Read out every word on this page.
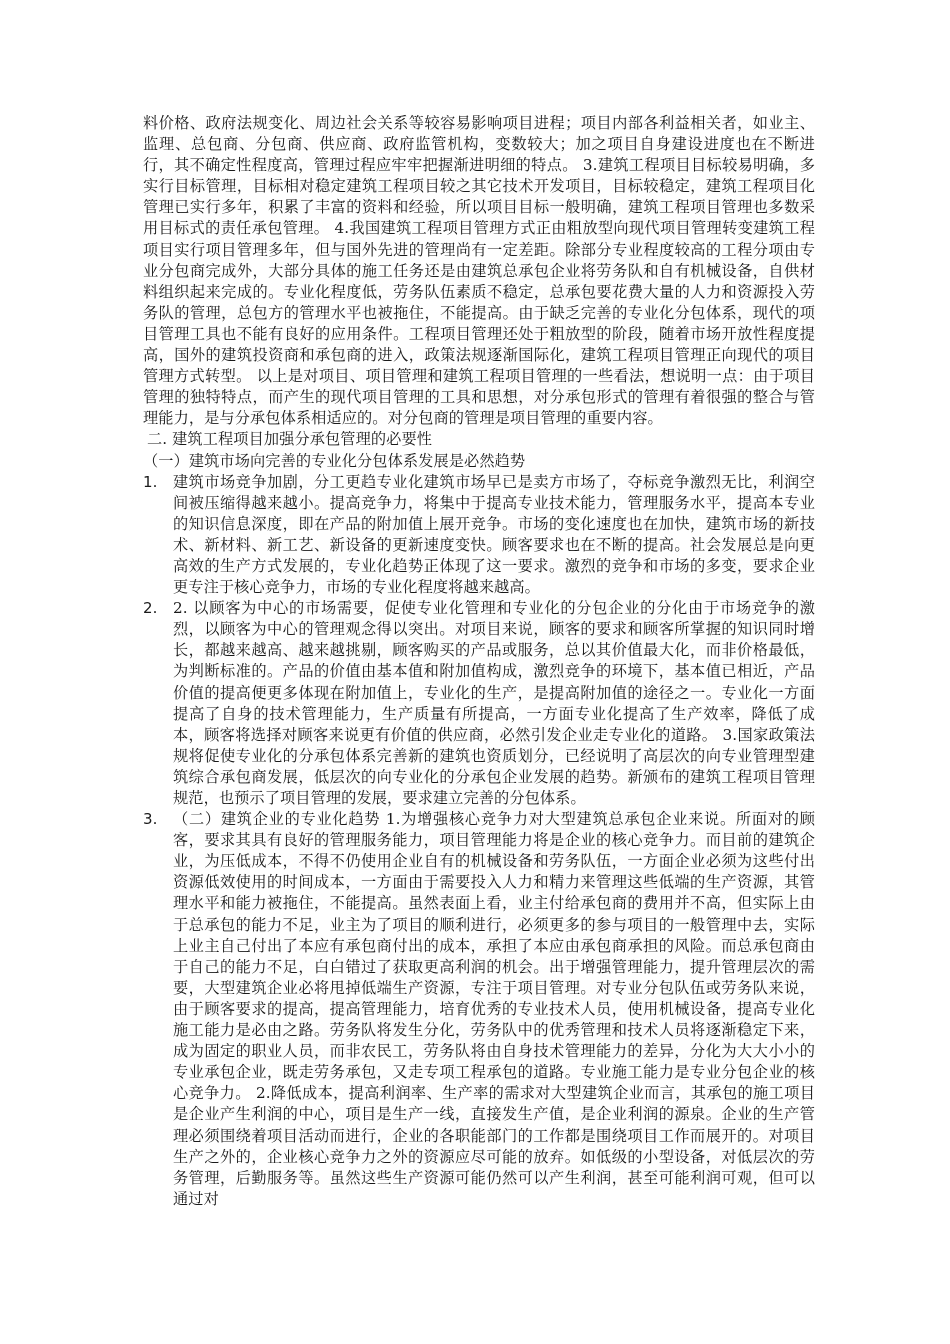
料价格、政府法规变化、周边社会关系等较容易影响项目进程；项目内部各利益相关者，如业主、监理、总包商、分包商、供应商、政府监管机构，变数较大；加之项目自身建设进度也在不断进行，其不确定性程度高，管理过程应牢牢把握渐进明细的特点。 3.建筑工程项目目标较易明确，多实行目标管理，目标相对稳定建筑工程项目较之其它技术开发项目，目标较稳定，建筑工程项目化管理已实行多年，积累了丰富的资料和经验，所以项目目标一般明确，建筑工程项目管理也多数采用目标式的责任承包管理。 4.我国建筑工程项目管理方式正由粗放型向现代项目管理转变建筑工程项目实行项目管理多年，但与国外先进的管理尚有一定差距。除部分专业程度较高的工程分项由专业分包商完成外，大部分具体的施工任务还是由建筑总承包企业将劳务队和自有机械设备，自供材料组织起来完成的。专业化程度低，劳务队伍素质不稳定，总承包要花费大量的人力和资源投入劳务队的管理，总包方的管理水平也被拖住，不能提高。由于缺乏完善的专业化分包体系，现代的项目管理工具也不能有良好的应用条件。工程项目管理还处于粗放型的阶段，随着市场开放性程度提高，国外的建筑投资商和承包商的进入，政策法规逐渐国际化，建筑工程项目管理正向现代的项目管理方式转型。 以上是对项目、项目管理和建筑工程项目管理的一些看法，想说明一点：由于项目管理的独特特点，而产生的现代项目管理的工具和思想，对分承包形式的管理有着很强的整合与管理能力，是与分承包体系相适应的。对分包商的管理是项目管理的重要内容。

二. 建筑工程项目加强分承包管理的必要性

（一）建筑市场向完善的专业化分包体系发展是必然趋势

1. 建筑市场竞争加剧，分工更趋专业化建筑市场早已是卖方市场了，夺标竞争激烈无比，利润空间被压缩得越来越小。提高竞争力，将集中于提高专业技术能力，管理服务水平，提高本专业的知识信息深度，即在产品的附加值上展开竞争。市场的变化速度也在加快，建筑市场的新技术、新材料、新工艺、新设备的更新速度变快。顾客要求也在不断的提高。社会发展总是向更高效的生产方式发展的，专业化趋势正体现了这一要求。激烈的竞争和市场的多变，要求企业更专注于核心竞争力，市场的专业化程度将越来越高。
2. 2. 以顾客为中心的市场需要，促使专业化管理和专业化的分包企业的分化由于市场竞争的激烈，以顾客为中心的管理观念得以突出。对项目来说，顾客的要求和顾客所掌握的知识同时增长，都越来越高、越来越挑剔，顾客购买的产品或服务，总以其价值最大化，而非价格最低，为判断标准的。产品的价值由基本值和附加值构成，激烈竞争的环境下，基本值已相近，产品价值的提高便更多体现在附加值上，专业化的生产，是提高附加值的途径之一。专业化一方面提高了自身的技术管理能力，生产质量有所提高，一方面专业化提高了生产效率，降低了成本，顾客将选择对顾客来说更有价值的供应商，必然引发企业走专业化的道路。 3.国家政策法规将促使专业化的分承包体系完善新的建筑也资质划分，已经说明了高层次的向专业管理型建筑综合承包商发展，低层次的向专业化的分承包企业发展的趋势。新颁布的建筑工程项目管理规范，也预示了项目管理的发展，要求建立完善的分包体系。
3. （二）建筑企业的专业化趋势 1.为增强核心竞争力对大型建筑总承包企业来说。所面对的顾客，要求其具有良好的管理服务能力，项目管理能力将是企业的核心竞争力。而目前的建筑企业，为压低成本，不得不仍使用企业自有的机械设备和劳务队伍，一方面企业必须为这些付出资源低效使用的时间成本，一方面由于需要投入人力和精力来管理这些低端的生产资源，其管理水平和能力被拖住，不能提高。虽然表面上看，业主付给承包商的费用并不高，但实际上由于总承包的能力不足，业主为了项目的顺利进行，必须更多的参与项目的一般管理中去，实际上业主自己付出了本应有承包商付出的成本，承担了本应由承包商承担的风险。而总承包商由于自己的能力不足，白白错过了获取更高利润的机会。出于增强管理能力，提升管理层次的需要，大型建筑企业必将甩掉低端生产资源，专注于项目管理。对专业分包队伍或劳务队来说，由于顾客要求的提高，提高管理能力，培育优秀的专业技术人员，使用机械设备，提高专业化施工能力是必由之路。劳务队将发生分化，劳务队中的优秀管理和技术人员将逐渐稳定下来，成为固定的职业人员，而非农民工，劳务队将由自身技术管理能力的差异，分化为大大小小的专业承包企业，既走劳务承包，又走专项工程承包的道路。专业施工能力是专业分包企业的核心竞争力。 2.降低成本，提高利润率、生产率的需求对大型建筑企业而言，其承包的施工项目是企业产生利润的中心，项目是生产一线，直接发生产值，是企业利润的源泉。企业的生产管理必须围绕着项目活动而进行，企业的各职能部门的工作都是围绕项目工作而展开的。对项目生产之外的，企业核心竞争力之外的资源应尽可能的放弃。如低级的小型设备，对低层次的劳务管理，后勤服务等。虽然这些生产资源可能仍然可以产生利润，甚至可能利润可观，但可以通过对
